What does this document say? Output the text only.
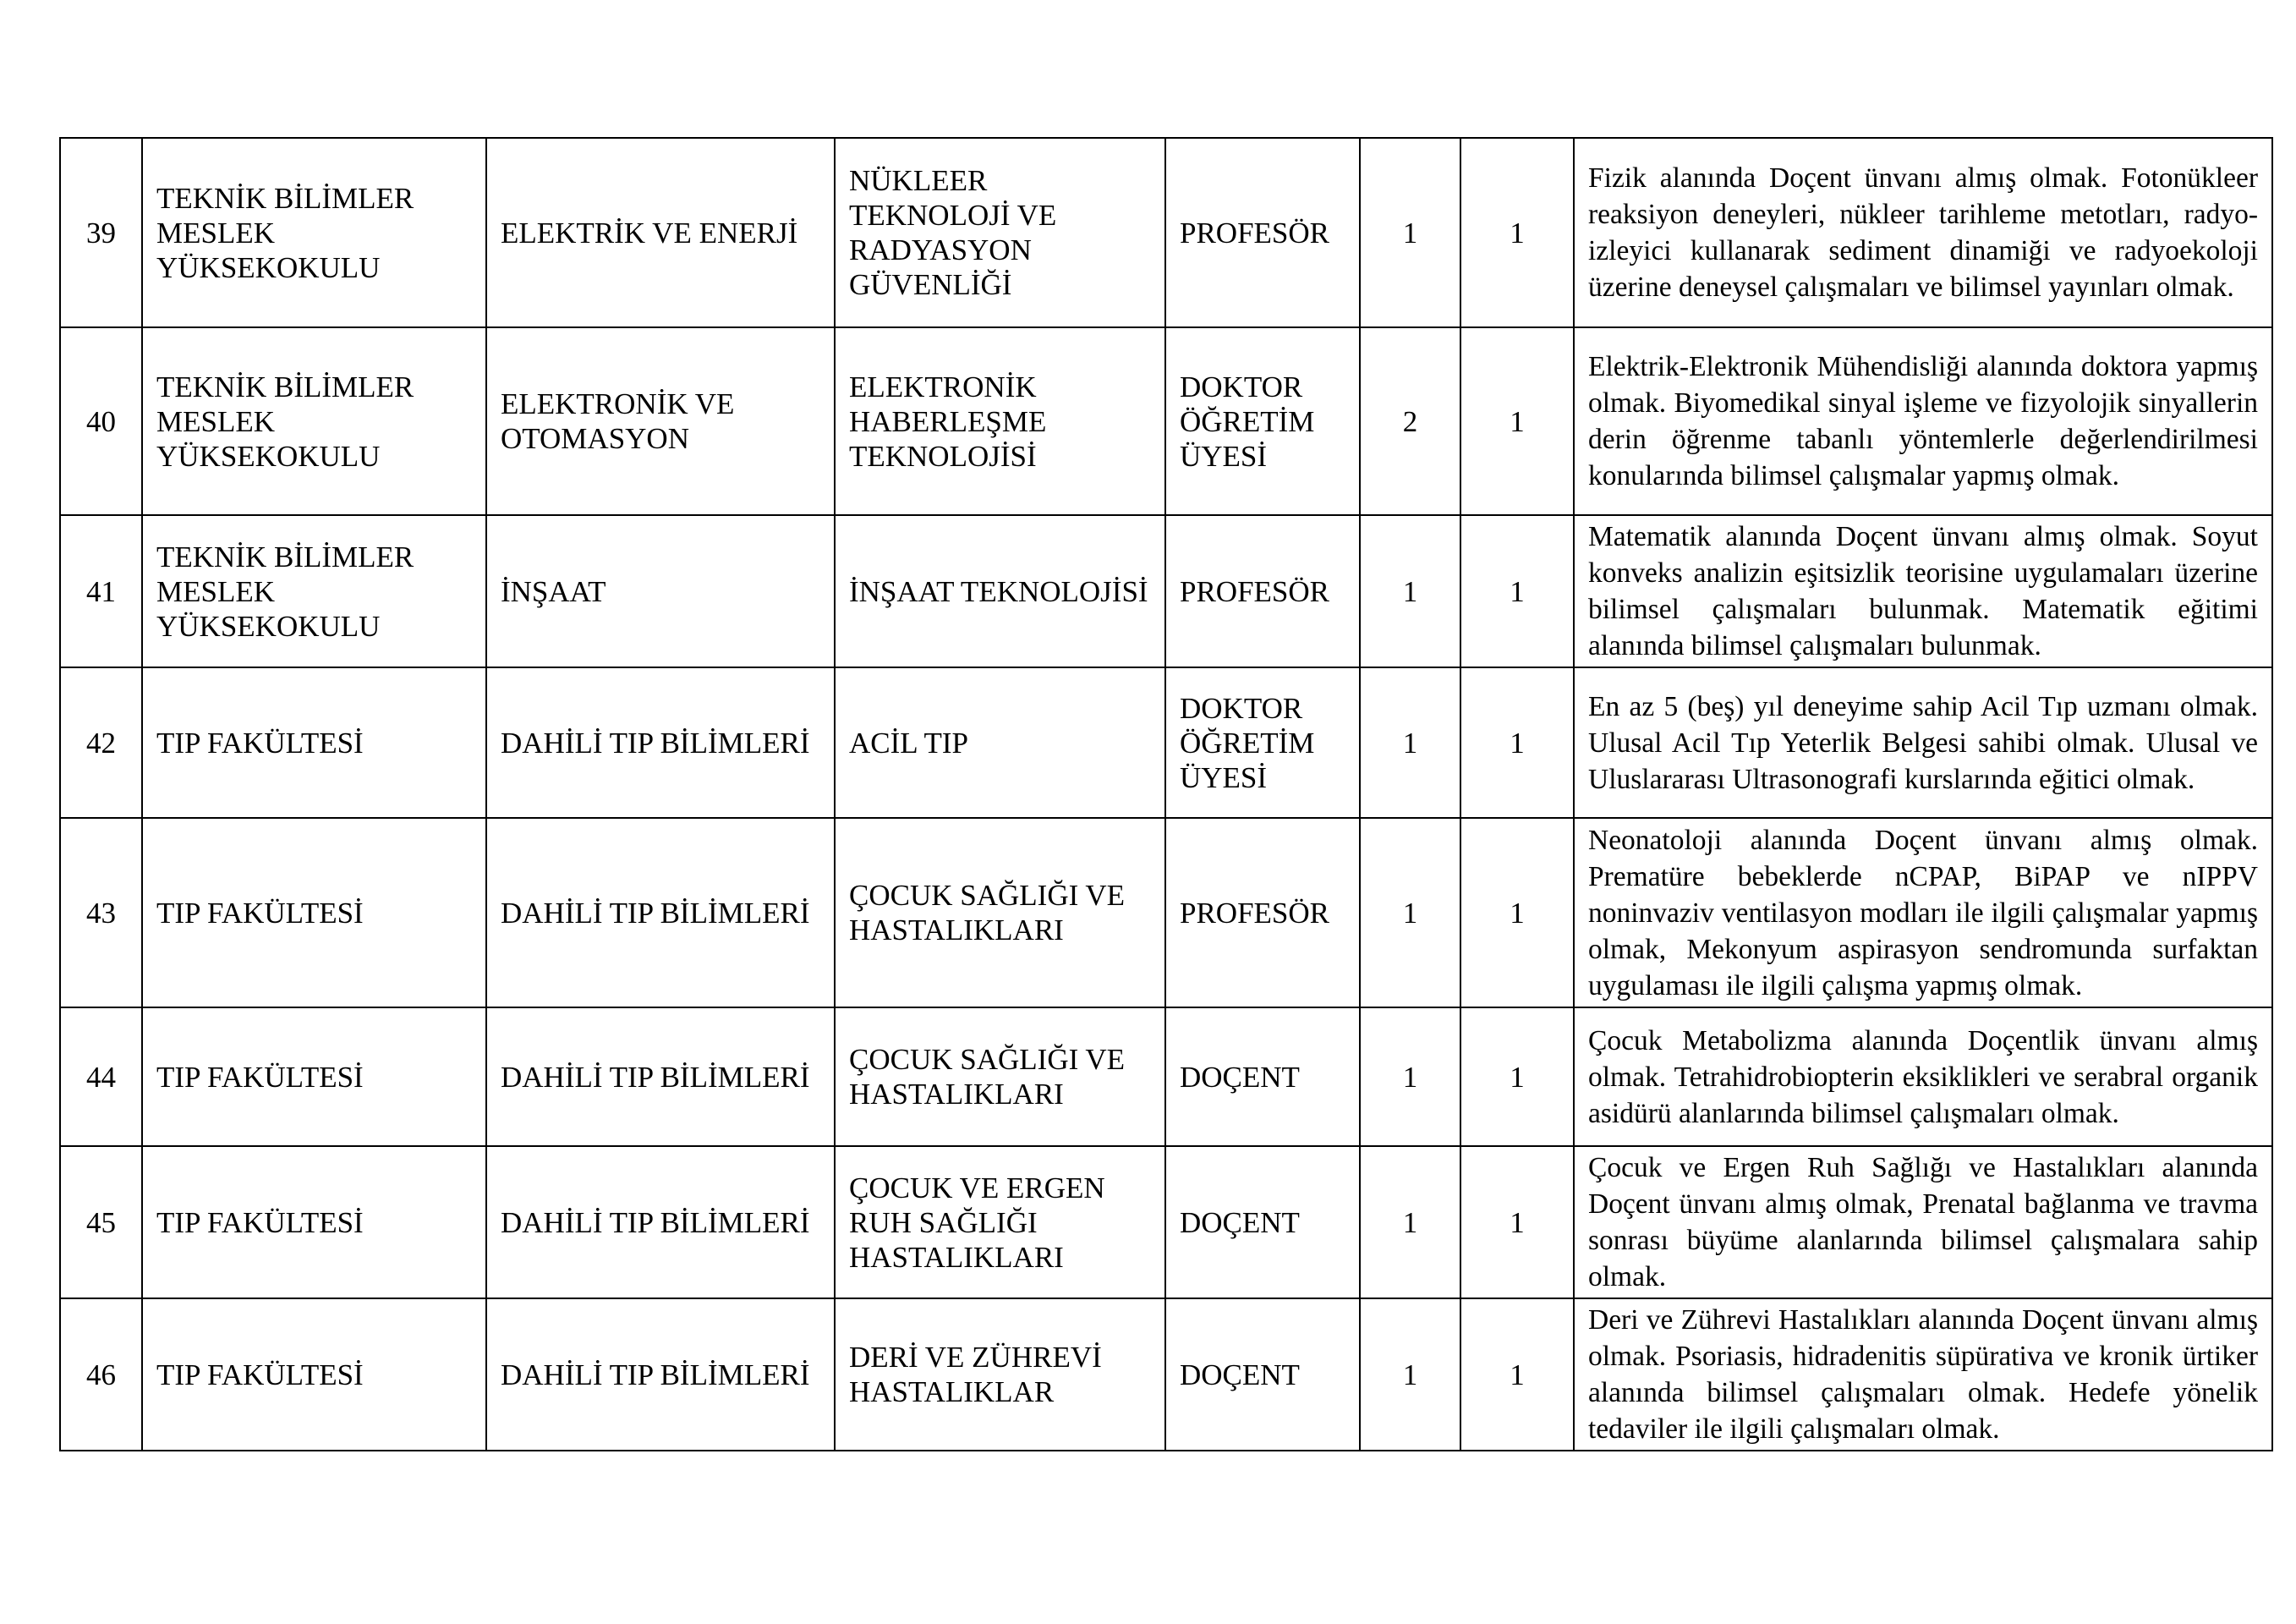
39	TEKNİK BİLİMLER MESLEK YÜKSEKOKULU	ELEKTRİK VE ENERJİ	NÜKLEER TEKNOLOJİ VE RADYASYON GÜVENLİĞİ	PROFESÖR	1	1	Fizik alanında Doçent ünvanı almış olmak. Fotonükleer reaksiyon deneyleri, nükleer tarihleme metotları, radyo-izleyici kullanarak sediment dinamiği ve radyoekoloji üzerine deneysel çalışmaları ve bilimsel yayınları olmak.
40	TEKNİK BİLİMLER MESLEK YÜKSEKOKULU	ELEKTRONİK VE OTOMASYON	ELEKTRONİK HABERLEŞME TEKNOLOJİSİ	DOKTOR ÖĞRETİM ÜYESİ	2	1	Elektrik-Elektronik Mühendisliği alanında doktora yapmış olmak. Biyomedikal sinyal işleme ve fizyolojik sinyallerin derin öğrenme tabanlı yöntemlerle değerlendirilmesi konularında bilimsel çalışmalar yapmış olmak.
41	TEKNİK BİLİMLER MESLEK YÜKSEKOKULU	İNŞAAT	İNŞAAT TEKNOLOJİSİ	PROFESÖR	1	1	Matematik alanında Doçent ünvanı almış olmak. Soyut konveks analizin eşitsizlik teorisine uygulamaları üzerine bilimsel çalışmaları bulunmak. Matematik eğitimi alanında bilimsel çalışmaları bulunmak.
42	TIP FAKÜLTESİ	DAHİLİ TIP BİLİMLERİ	ACİL TIP	DOKTOR ÖĞRETİM ÜYESİ	1	1	En az 5 (beş) yıl deneyime sahip Acil Tıp uzmanı olmak. Ulusal Acil Tıp Yeterlik Belgesi sahibi olmak. Ulusal ve Uluslararası Ultrasonografi kurslarında eğitici olmak.
43	TIP FAKÜLTESİ	DAHİLİ TIP BİLİMLERİ	ÇOCUK SAĞLIĞI VE HASTALIKLARI	PROFESÖR	1	1	Neonatoloji alanında Doçent ünvanı almış olmak. Prematüre bebeklerde nCPAP, BiPAP ve nIPPV noninvaziv ventilasyon modları ile ilgili çalışmalar yapmış olmak, Mekonyum aspirasyon sendromunda surfaktan uygulaması ile ilgili çalışma yapmış olmak.
44	TIP FAKÜLTESİ	DAHİLİ TIP BİLİMLERİ	ÇOCUK SAĞLIĞI VE HASTALIKLARI	DOÇENT	1	1	Çocuk Metabolizma alanında Doçentlik ünvanı almış olmak. Tetrahidrobiopterin eksiklikleri ve serabral organik asidürü alanlarında bilimsel çalışmaları olmak.
45	TIP FAKÜLTESİ	DAHİLİ TIP BİLİMLERİ	ÇOCUK VE ERGEN RUH SAĞLIĞI HASTALIKLARI	DOÇENT	1	1	Çocuk ve Ergen Ruh Sağlığı ve Hastalıkları alanında Doçent ünvanı almış olmak, Prenatal bağlanma ve travma sonrası büyüme alanlarında bilimsel çalışmalara sahip olmak.
46	TIP FAKÜLTESİ	DAHİLİ TIP BİLİMLERİ	DERİ VE ZÜHREVİ HASTALIKLAR	DOÇENT	1	1	Deri ve Zührevi Hastalıkları alanında Doçent ünvanı almış olmak. Psoriasis, hidradenitis süpürativa ve kronik ürtiker alanında bilimsel çalışmaları olmak. Hedefe yönelik tedaviler ile ilgili çalışmaları olmak.
